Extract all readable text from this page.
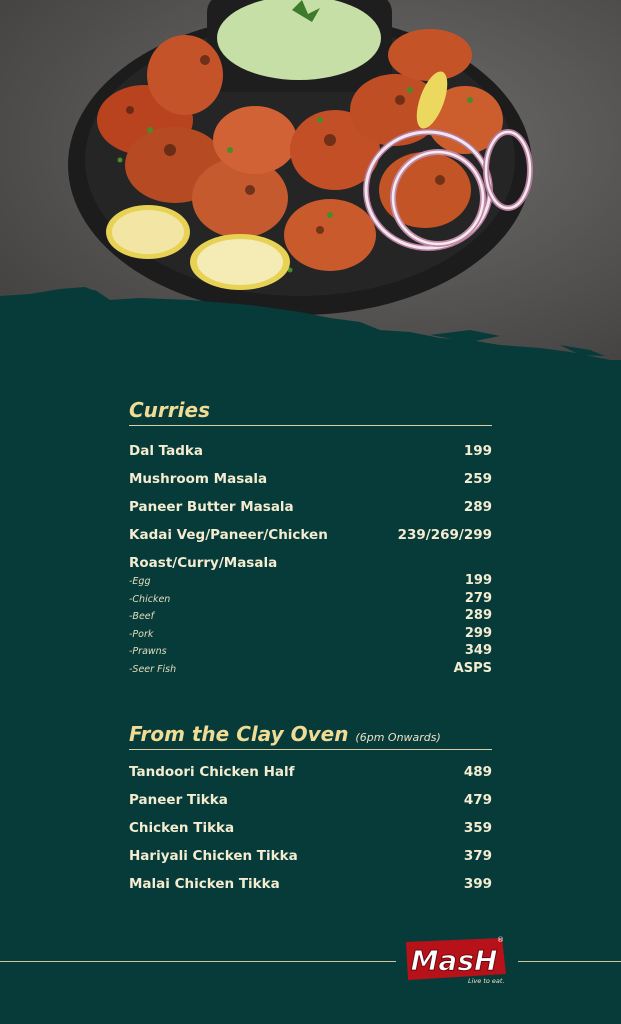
Curries
Dal Tadka	199
Mushroom Masala	259
Paneer Butter Masala	289
Kadai Veg/Paneer/Chicken	239/269/299
Roast/Curry/Masala
-Egg	199
-Chicken	279
-Beef	289
-Pork	299
-Prawns	349
-Seer Fish	ASPS
From the Clay Oven (6pm Onwards)
Tandoori Chicken Half	489
Paneer Tikka	479
Chicken Tikka	359
Hariyali Chicken Tikka	379
Malai Chicken Tikka	399
MasH
®
Live to eat.
